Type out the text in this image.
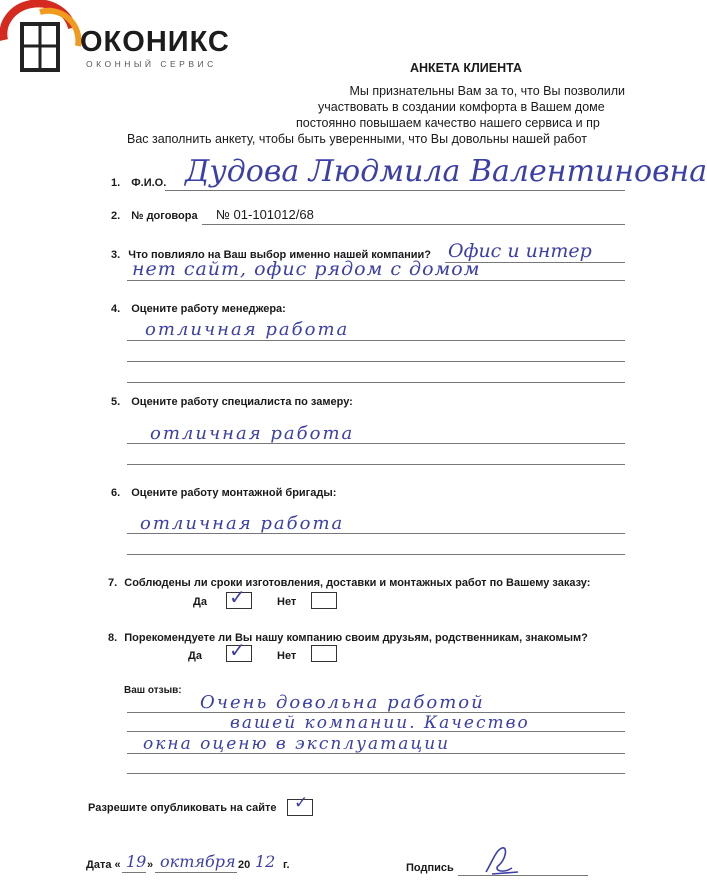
ОКОНИКС
ОКОННЫЙ СЕРВИС	АНКЕТА КЛИЕНТА
Мы признательны Вам за то, что Вы позволили
участвовать в создании комфорта в Вашем доме
постоянно повышаем качество нашего сервиса и пр
Вас заполнить анкету, чтобы быть уверенными, что Вы довольны нашей работ
1. Ф.И.О. Дудова Людмила Валентиновна
2. № договора № 01-101012/68
3. Что повлияло на Ваш выбор именно нашей компании? Офис и интер
нет сайт, офис рядом с домом
4. Оцените работу менеджера:
отличная работа
5. Оцените работу специалиста по замеру:
отличная работа
6. Оцените работу монтажной бригады:
отличная работа
7. Соблюдены ли сроки изготовления, доставки и монтажных работ по Вашему заказу:
Да ✓	Нет
8. Порекомендуете ли Вы нашу компанию своим друзьям, родственникам, знакомым?
Да ✓	Нет
Ваш отзыв:
Очень довольна работой
вашей компании. Качество
окна оценю в эксплуатации
Разрешите опубликовать на сайте ✓
Дата « 19 » октября 20 12 г.	Подпись
